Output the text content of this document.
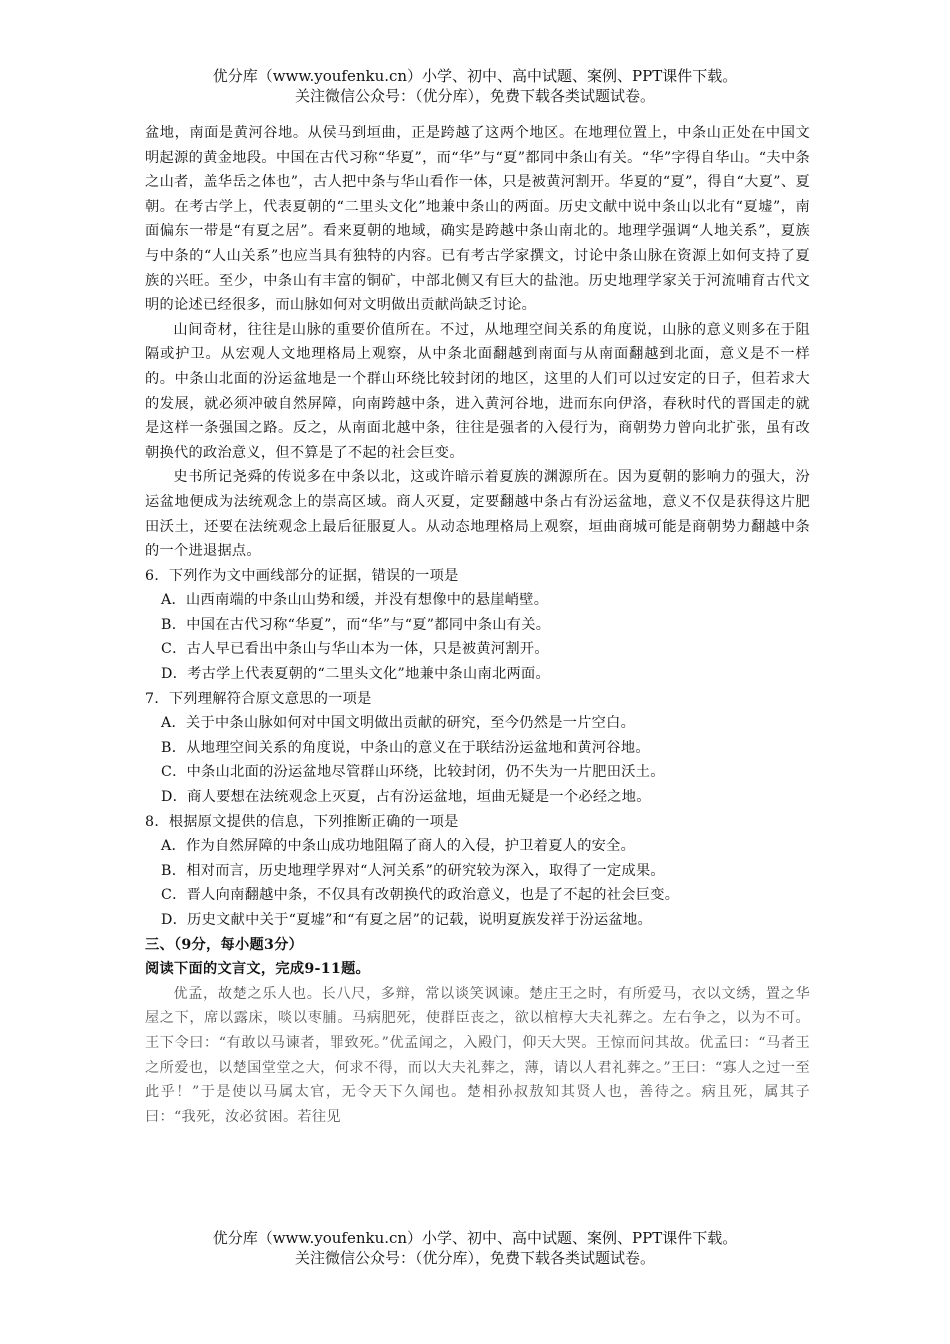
优分库（www.youfenku.cn）小学、初中、高中试题、案例、PPT课件下载。
关注微信公众号：（优分库），免费下载各类试题试卷。

盆地，南面是黄河谷地。从侯马到垣曲，正是跨越了这两个地区。在地理位置上，中条山正处在中国文明起源的黄金地段。中国在古代习称“华夏”，而“华”与“夏”都同中条山有关。“华”字得自华山。“夫中条之山者，盖华岳之体也”，古人把中条与华山看作一体，只是被黄河割开。华夏的“夏”，得自“大夏”、夏朝。在考古学上，代表夏朝的“二里头文化”地兼中条山的两面。历史文献中说中条山以北有“夏墟”，南面偏东一带是“有夏之居”。看来夏朝的地域，确实是跨越中条山南北的。地理学强调“人地关系”，夏族与中条的“人山关系”也应当具有独特的内容。已有考古学家撰文，讨论中条山脉在资源上如何支持了夏族的兴旺。至少，中条山有丰富的铜矿，中部北侧又有巨大的盐池。历史地理学家关于河流哺育古代文明的论述已经很多，而山脉如何对文明做出贡献尚缺乏讨论。

山间奇材，往往是山脉的重要价值所在。不过，从地理空间关系的角度说，山脉的意义则多在于阻隔或护卫。从宏观人文地理格局上观察，从中条北面翻越到南面与从南面翻越到北面，意义是不一样的。中条山北面的汾运盆地是一个群山环绕比较封闭的地区，这里的人们可以过安定的日子，但若求大的发展，就必须冲破自然屏障，向南跨越中条，进入黄河谷地，进而东向伊洛，春秋时代的晋国走的就是这样一条强国之路。反之，从南面北越中条，往往是强者的入侵行为，商朝势力曾向北扩张，虽有改朝换代的政治意义，但不算是了不起的社会巨变。

史书所记尧舜的传说多在中条以北，这或许暗示着夏族的渊源所在。因为夏朝的影响力的强大，汾运盆地便成为法统观念上的崇高区域。商人灭夏，定要翻越中条占有汾运盆地，意义不仅是获得这片肥田沃土，还要在法统观念上最后征服夏人。从动态地理格局上观察，垣曲商城可能是商朝势力翻越中条的一个进退据点。

6．下列作为文中画线部分的证据，错误的一项是

A．山西南端的中条山山势和缓，并没有想像中的悬崖峭壁。

B．中国在古代习称“华夏”，而“华”与“夏”都同中条山有关。

C．古人早已看出中条山与华山本为一体，只是被黄河割开。

D．考古学上代表夏朝的“二里头文化”地兼中条山南北两面。

7．下列理解符合原文意思的一项是

A．关于中条山脉如何对中国文明做出贡献的研究，至今仍然是一片空白。

B．从地理空间关系的角度说，中条山的意义在于联结汾运盆地和黄河谷地。

C．中条山北面的汾运盆地尽管群山环绕，比较封闭，仍不失为一片肥田沃土。

D．商人要想在法统观念上灭夏，占有汾运盆地，垣曲无疑是一个必经之地。

8．根据原文提供的信息，下列推断正确的一项是

A．作为自然屏障的中条山成功地阻隔了商人的入侵，护卫着夏人的安全。

B．相对而言，历史地理学界对“人河关系”的研究较为深入，取得了一定成果。

C．晋人向南翻越中条，不仅具有改朝换代的政治意义，也是了不起的社会巨变。

D．历史文献中关于“夏墟”和“有夏之居”的记载，说明夏族发祥于汾运盆地。

三、（9分，每小题3分）

阅读下面的文言文，完成9-11题。

优孟，故楚之乐人也。长八尺，多辩，常以谈笑讽谏。楚庄王之时，有所爱马，衣以文绣，置之华屋之下，席以露床，啖以枣脯。马病肥死，使群臣丧之，欲以棺椁大夫礼葬之。左右争之，以为不可。王下令曰：“有敢以马谏者，罪致死。”优孟闻之，入殿门，仰天大哭。王惊而问其故。优孟曰：“马者王之所爱也，以楚国堂堂之大，何求不得，而以大夫礼葬之，薄，请以人君礼葬之。”王曰：“寡人之过一至此乎！”于是使以马属太官，无令天下久闻也。楚相孙叔敖知其贤人也，善待之。病且死，属其子曰：“我死，汝必贫困。若往见

优分库（www.youfenku.cn）小学、初中、高中试题、案例、PPT课件下载。
关注微信公众号：（优分库），免费下载各类试题试卷。
